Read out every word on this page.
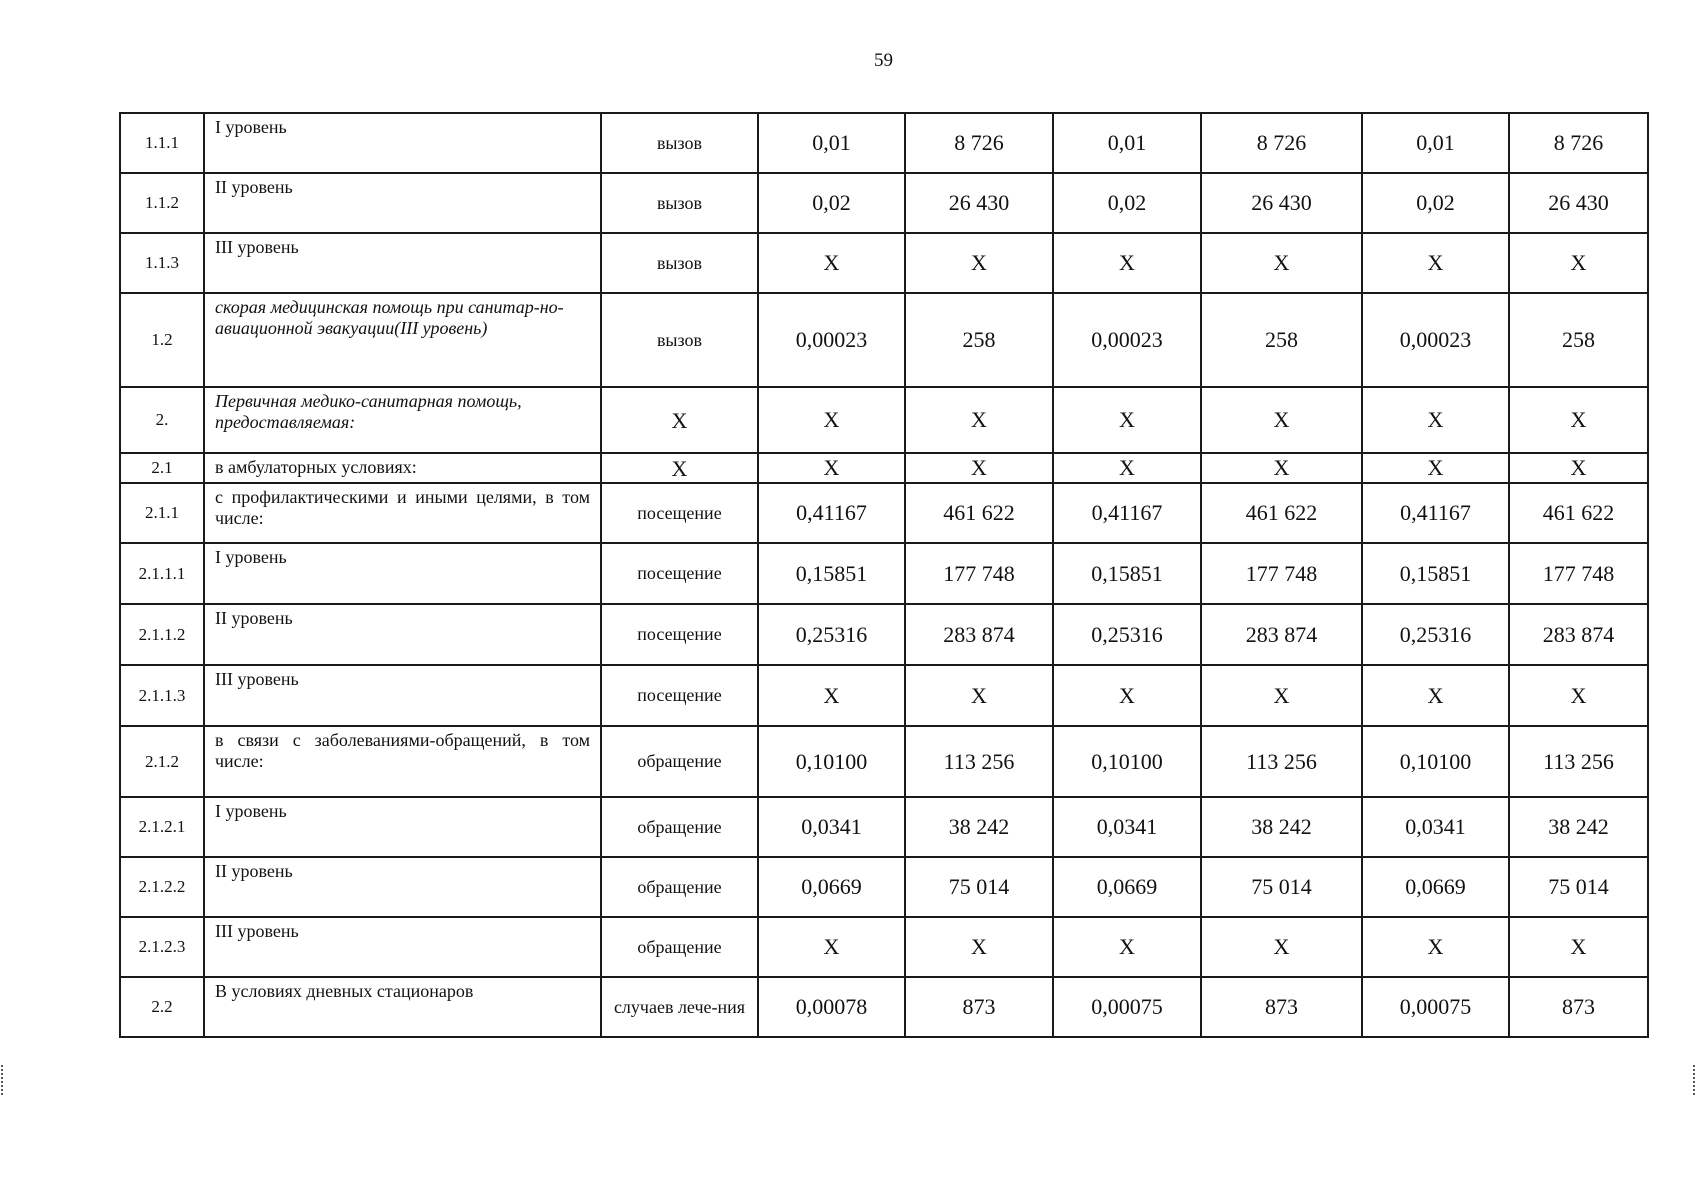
59
1.1.1	I уровень	вызов	0,01	8 726	0,01	8 726	0,01	8 726
1.1.2	II уровень	вызов	0,02	26 430	0,02	26 430	0,02	26 430
1.1.3	III уровень	вызов	X	X	X	X	X	X
1.2	скорая медицинская помощь при санитар-но-авиационной эвакуации(III уровень)	вызов	0,00023	258	0,00023	258	0,00023	258
2.	Первичная медико-санитарная помощь, предоставляемая:	X	X	X	X	X	X	X
2.1	в амбулаторных условиях:	X	X	X	X	X	X	X
2.1.1	с профилактическими и иными целями, в том числе:	посещение	0,41167	461 622	0,41167	461 622	0,41167	461 622
2.1.1.1	I уровень	посещение	0,15851	177 748	0,15851	177 748	0,15851	177 748
2.1.1.2	II уровень	посещение	0,25316	283 874	0,25316	283 874	0,25316	283 874
2.1.1.3	III уровень	посещение	X	X	X	X	X	X
2.1.2	в связи с заболеваниями-обращений, в том числе:	обращение	0,10100	113 256	0,10100	113 256	0,10100	113 256
2.1.2.1	I уровень	обращение	0,0341	38 242	0,0341	38 242	0,0341	38 242
2.1.2.2	II уровень	обращение	0,0669	75 014	0,0669	75 014	0,0669	75 014
2.1.2.3	III уровень	обращение	X	X	X	X	X	X
2.2	В условиях дневных стационаров	случаев лече-ния	0,00078	873	0,00075	873	0,00075	873
